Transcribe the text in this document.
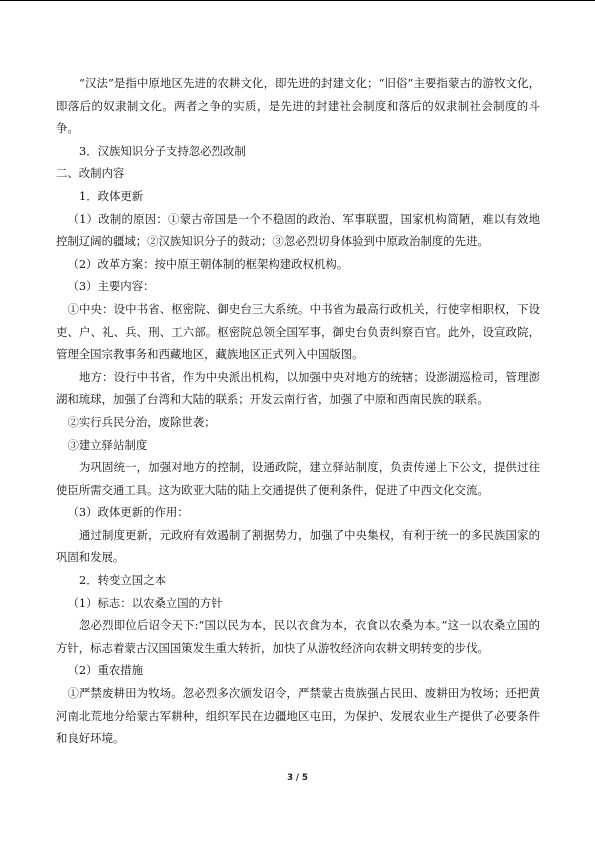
“汉法”是指中原地区先进的农耕文化，即先进的封建文化；“旧俗”主要指蒙古的游牧文化，即落后的奴隶制文化。两者之争的实质，是先进的封建社会制度和落后的奴隶制社会制度的斗争。

3．汉族知识分子支持忽必烈改制

二、改制内容

1．政体更新

（1）改制的原因：①蒙古帝国是一个不稳固的政治、军事联盟，国家机构简陋，难以有效地控制辽阔的疆域；②汉族知识分子的鼓动；③忽必烈切身体验到中原政治制度的先进。

（2）改革方案：按中原王朝体制的框架构建政权机构。

（3）主要内容：

①中央：设中书省、枢密院、御史台三大系统。中书省为最高行政机关，行使宰相职权，下设吏、户、礼、兵、刑、工六部。枢密院总领全国军事，御史台负责纠察百官。此外，设宣政院，管理全国宗教事务和西藏地区，藏族地区正式列入中国版图。

地方：设行中书省，作为中央派出机构，以加强中央对地方的统辖；设澎湖巡检司，管理澎湖和琉球，加强了台湾和大陆的联系；开发云南行省，加强了中原和西南民族的联系。

②实行兵民分治，废除世袭；

③建立驿站制度

为巩固统一，加强对地方的控制，设通政院，建立驿站制度，负责传递上下公文，提供过往使臣所需交通工具。这为欧亚大陆的陆上交通提供了便利条件，促进了中西文化交流。

（3）政体更新的作用：

通过制度更新，元政府有效遏制了割据势力，加强了中央集权，有利于统一的多民族国家的巩固和发展。

2．转变立国之本

（1）标志：以农桑立国的方针

忽必烈即位后诏令天下:“国以民为本，民以衣食为本，衣食以农桑为本。”这一以农桑立国的方针，标志着蒙古汉国国策发生重大转折，加快了从游牧经济向农耕文明转变的步伐。

（2）重农措施

①严禁废耕田为牧场。忽必烈多次颁发诏令，严禁蒙古贵族强占民田、废耕田为牧场；还把黄河南北荒地分给蒙古军耕种，组织军民在边疆地区屯田，为保护、发展农业生产提供了必要条件和良好环境。

3 / 5
